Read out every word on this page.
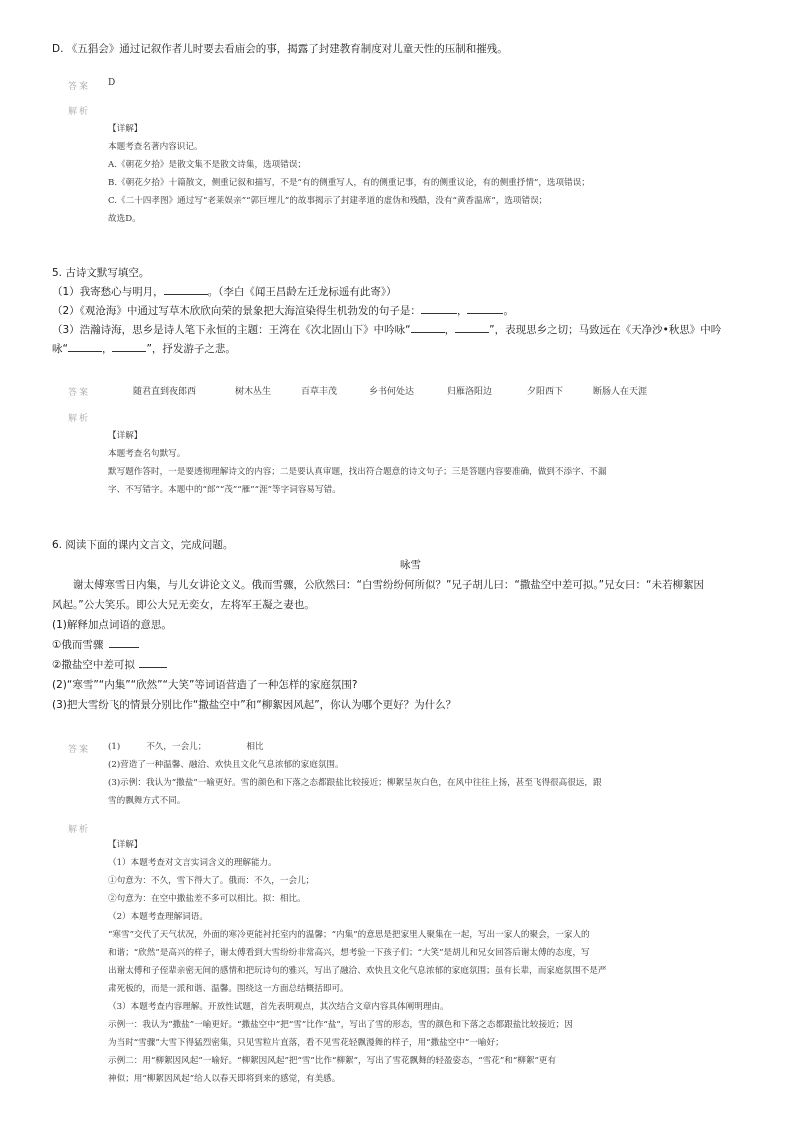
D. 《五猖会》通过记叙作者儿时要去看庙会的事，揭露了封建教育制度对儿童天性的压制和摧残。
答案 D
解析
【详解】
本题考查名著内容识记。
A.《朝花夕拾》是散文集不是散文诗集，选项错误；
B.《朝花夕拾》十篇散文，侧重记叙和描写，不是“有的侧重写人，有的侧重记事，有的侧重议论，有的侧重抒情”，选项错误；
C.《二十四孝图》通过写“老莱娱亲”“郭巨埋儿”的故事揭示了封建孝道的虚伪和残酷，没有“黄香温席”，选项错误；
故选D。
5. 古诗文默写填空。
（1）我寄愁心与明月，	。（李白《闻王昌龄左迁龙标遥有此寄》）
（2）《观沧海》中通过写草木欣欣向荣的景象把大海渲染得生机勃发的句子是：	，	。
（3）浩瀚诗海，思乡是诗人笔下永恒的主题：王湾在《次北固山下》中吟咏“	，	”，表现思乡之切；马致远在《天净沙•秋思》中吟
咏“	，	”，抒发游子之悲。
答案	随君直到夜郎西	树木丛生	百草丰茂	乡书何处达	归雁洛阳边	夕阳西下	断肠人在天涯
解析
【详解】
本题考查名句默写。
默写题作答时，一是要透彻理解诗文的内容；二是要认真审题，找出符合题意的诗文句子；三是答题内容要准确，做到不添字、不漏
字、不写错字。本题中的“郎”“茂”“雁”“涯”等字词容易写错。
6. 阅读下面的课内文言文，完成问题。
咏雪
谢太傅寒雪日内集，与儿女讲论文义。俄而雪骤，公欣然曰：“白雪纷纷何所似？”兄子胡儿曰：“撒盐空中差可拟。”兄女曰：“未若柳絮因
风起。”公大笑乐。即公大兄无奕女，左将军王凝之妻也。
(1)解释加点词语的意思。
①俄而雪骤
②撒盐空中差可拟
(2)“寒雪”“内集”“欣然”“大笑”等词语营造了一种怎样的家庭氛围?
(3)把大雪纷飞的情景分别比作“撒盐空中”和“柳絮因风起”，你认为哪个更好？为什么？
答案 (1)	不久，一会儿；	相比
(2)营造了一种温馨、融洽、欢快且文化气息浓郁的家庭氛围。
(3)示例：我认为“撒盐”一喻更好。雪的颜色和下落之态都跟盐比较接近；柳絮呈灰白色，在风中往往上扬，甚至飞得很高很远，跟
雪的飘舞方式不同。
解析
【详解】
（1）本题考查对文言实词含义的理解能力。
①句意为：不久，雪下得大了。俄而：不久，一会儿；
②句意为：在空中撒盐差不多可以相比。拟：相比。
（2）本题考查理解词语。
“寒雪”交代了天气状况，外面的寒冷更能衬托室内的温馨；“内集”的意思是把家里人聚集在一起，写出一家人的聚会，一家人的
和谐；“欣然”是高兴的样子，谢太傅看到大雪纷纷非常高兴，想考验一下孩子们；“大笑”是胡儿和兄女回答后谢太傅的态度，写
出谢太傅和子侄辈亲密无间的感情和把玩诗句的雅兴，写出了融洽、欢快且文化气息浓郁的家庭氛围；虽有长辈，而家庭氛围不是严
肃死板的，而是一派和谐、温馨。围绕这一方面总结概括即可。
（3）本题考查内容理解。开放性试题，首先表明观点，其次结合文章内容具体阐明理由。
示例一：我认为“撒盐”一喻更好。“撒盐空中”把“雪”比作“盐”，写出了雪的形态，雪的颜色和下落之态都跟盐比较接近；因
为当时“雪骤”大雪下得猛烈密集，只见雪粒片直落，看不见雪花轻飘漫舞的样子，用“撒盐空中”一喻好；
示例二：用“柳絮因风起”一喻好。“柳絮因风起”把“雪”比作“柳絮”，写出了雪花飘舞的轻盈姿态，“雪花”和“柳絮”更有
神似；用“柳絮因风起”给人以春天即将到来的感觉，有美感。
